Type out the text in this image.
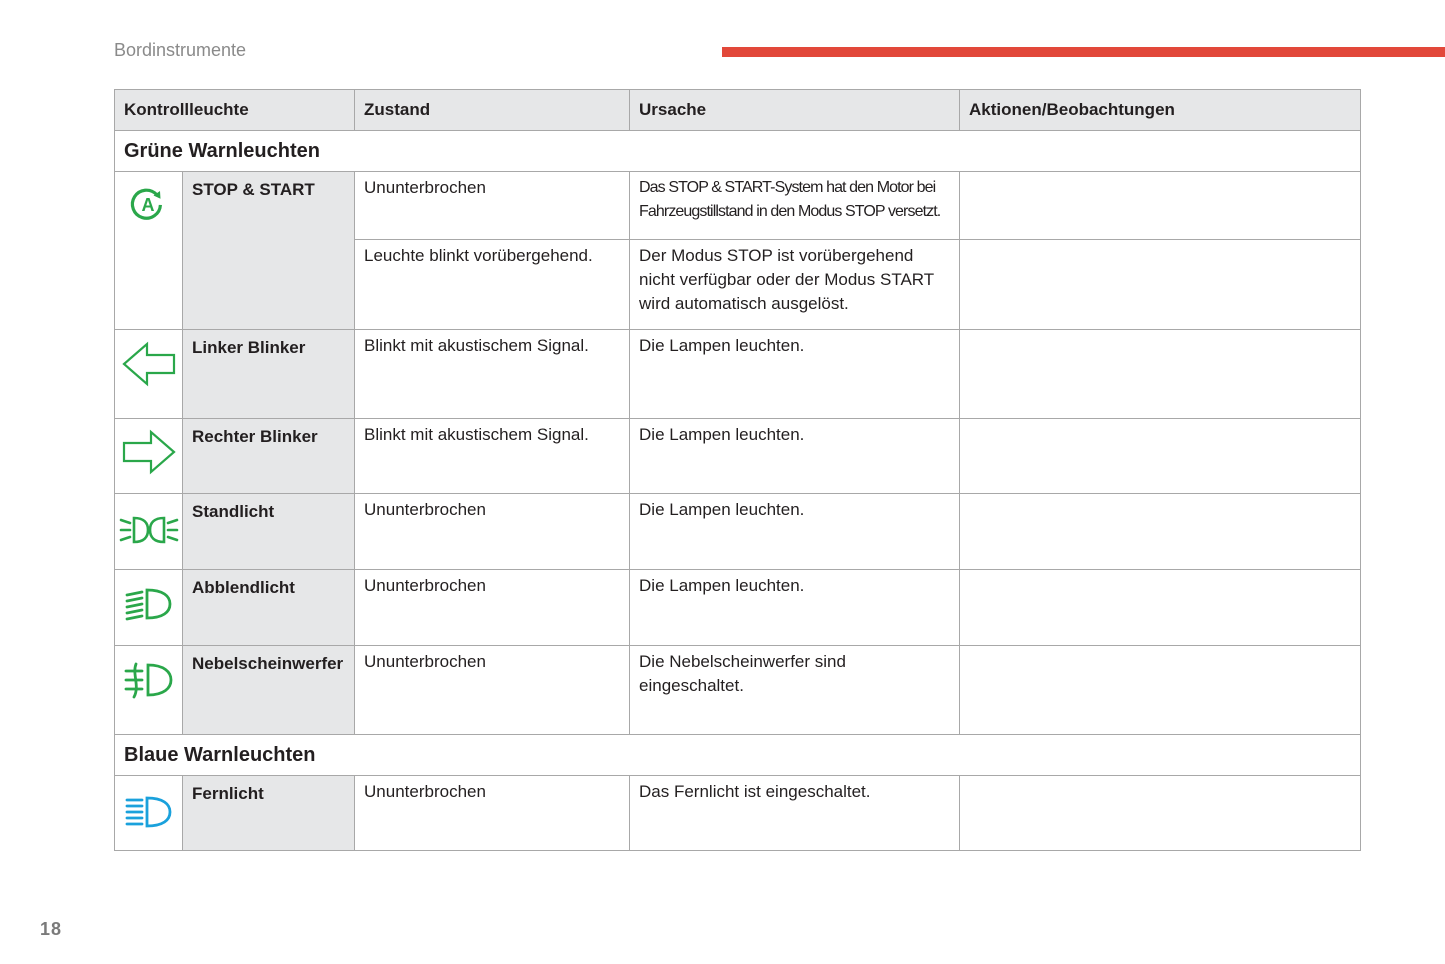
Bordinstrumente
Kontrollleuchte		Zustand	Ursache	Aktionen/Beobachtungen
Grüne Warnleuchten				

A	STOP & START	Ununterbrochen	Das STOP & START-System hat den Motor bei Fahrzeugstillstand in den Modus STOP versetzt.	
		Leuchte blinkt vorübergehend.	Der Modus STOP ist vorübergehend nicht verfügbar oder der Modus START wird automatisch ausgelöst.	

	Linker Blinker	Blinkt mit akustischem Signal.	Die Lampen leuchten.	

	Rechter Blinker	Blinkt mit akustischem Signal.	Die Lampen leuchten.	

	Standlicht	Ununterbrochen	Die Lampen leuchten.	

	Abblendlicht	Ununterbrochen	Die Lampen leuchten.	

	Nebelscheinwerfer	Ununterbrochen	Die Nebelscheinwerfer sind eingeschaltet.	
Blaue Warnleuchten				

	Fernlicht	Ununterbrochen	Das Fernlicht ist eingeschaltet.	
18
